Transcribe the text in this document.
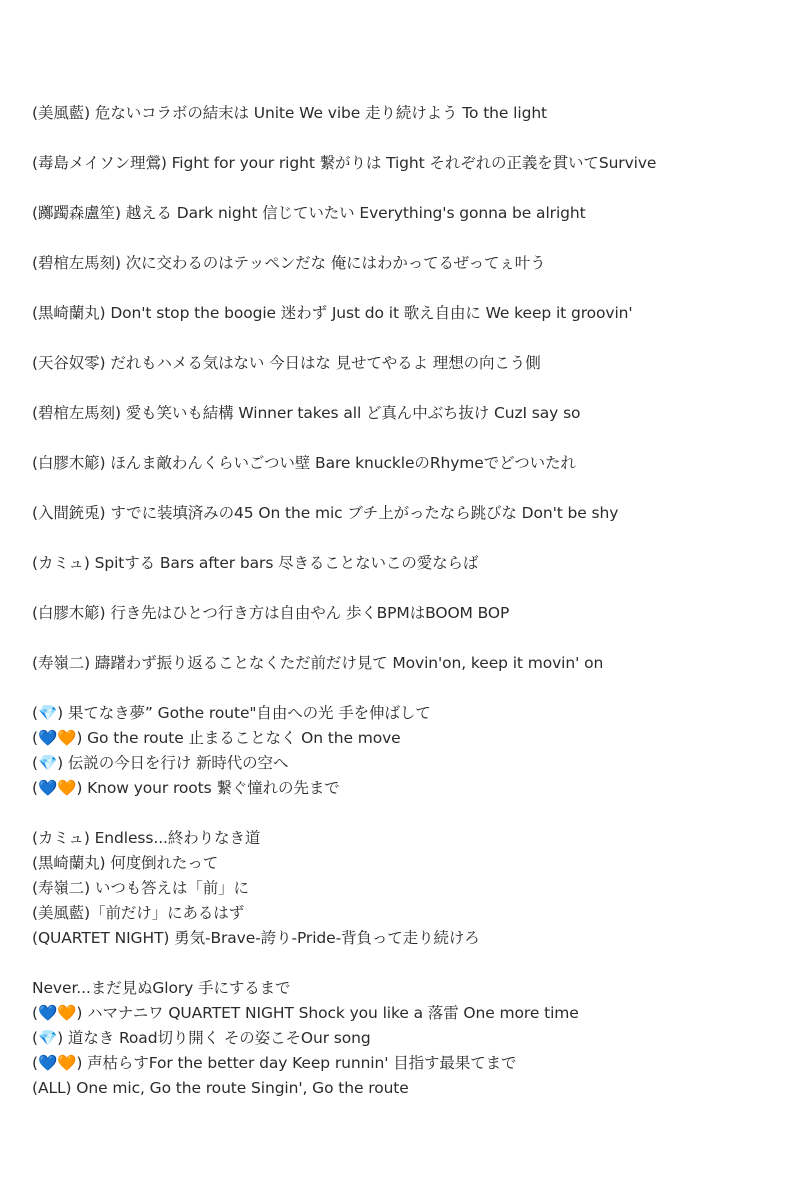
(美風藍) 危ないコラボの結末は Unite We vibe 走り続けよう To the light
(毒島メイソン理鶯) Fight for your right 繋がりは Tight それぞれの正義を貫いてSurvive
(躑躅森盧笙) 越える Dark night 信じていたい Everything's gonna be alright
(碧棺左馬刻) 次に交わるのはテッペンだな 俺にはわかってるぜってぇ叶う
(黒崎蘭丸) Don't stop the boogie 迷わず Just do it 歌え自由に We keep it groovin'
(天谷奴零) だれもハメる気はない 今日はな 見せてやるよ 理想の向こう側
(碧棺左馬刻) 愛も笑いも結構 Winner takes all ど真ん中ぶち抜け CuzI say so
(白膠木簓) ほんま敵わんくらいごつい壁 Bare knuckleのRhymeでどついたれ
(入間銃兎) すでに装填済みの45 On the mic ブチ上がったなら跳びな Don't be shy
(カミュ) Spitする Bars after bars 尽きることないこの愛ならば
(白膠木簓) 行き先はひとつ行き方は自由やん 歩くBPMはBOOM BOP
(寿嶺二) 躊躇わず振り返ることなくただ前だけ見て Movin'on, keep it movin' on
(💎) 果てなき夢” Gothe route"自由への光 手を伸ばして
(💙🧡) Go the route 止まることなく On the move
(💎) 伝説の今日を行け 新時代の空へ
(💙🧡) Know your roots 繋ぐ憧れの先まで
(カミュ) Endless...終わりなき道
(黒崎蘭丸) 何度倒れたって
(寿嶺二) いつも答えは「前」に
(美風藍)「前だけ」にあるはず
(QUARTET NIGHT) 勇気-Brave-誇り-Pride-背負って走り続けろ
Never...まだ見ぬGlory 手にするまで
(💙🧡) ハマナニワ QUARTET NIGHT Shock you like a 落雷 One more time
(💎) 道なき Road切り開く その姿こそOur song
(💙🧡) 声枯らすFor the better day Keep runnin' 目指す最果てまで
(ALL) One mic, Go the route Singin', Go the route
